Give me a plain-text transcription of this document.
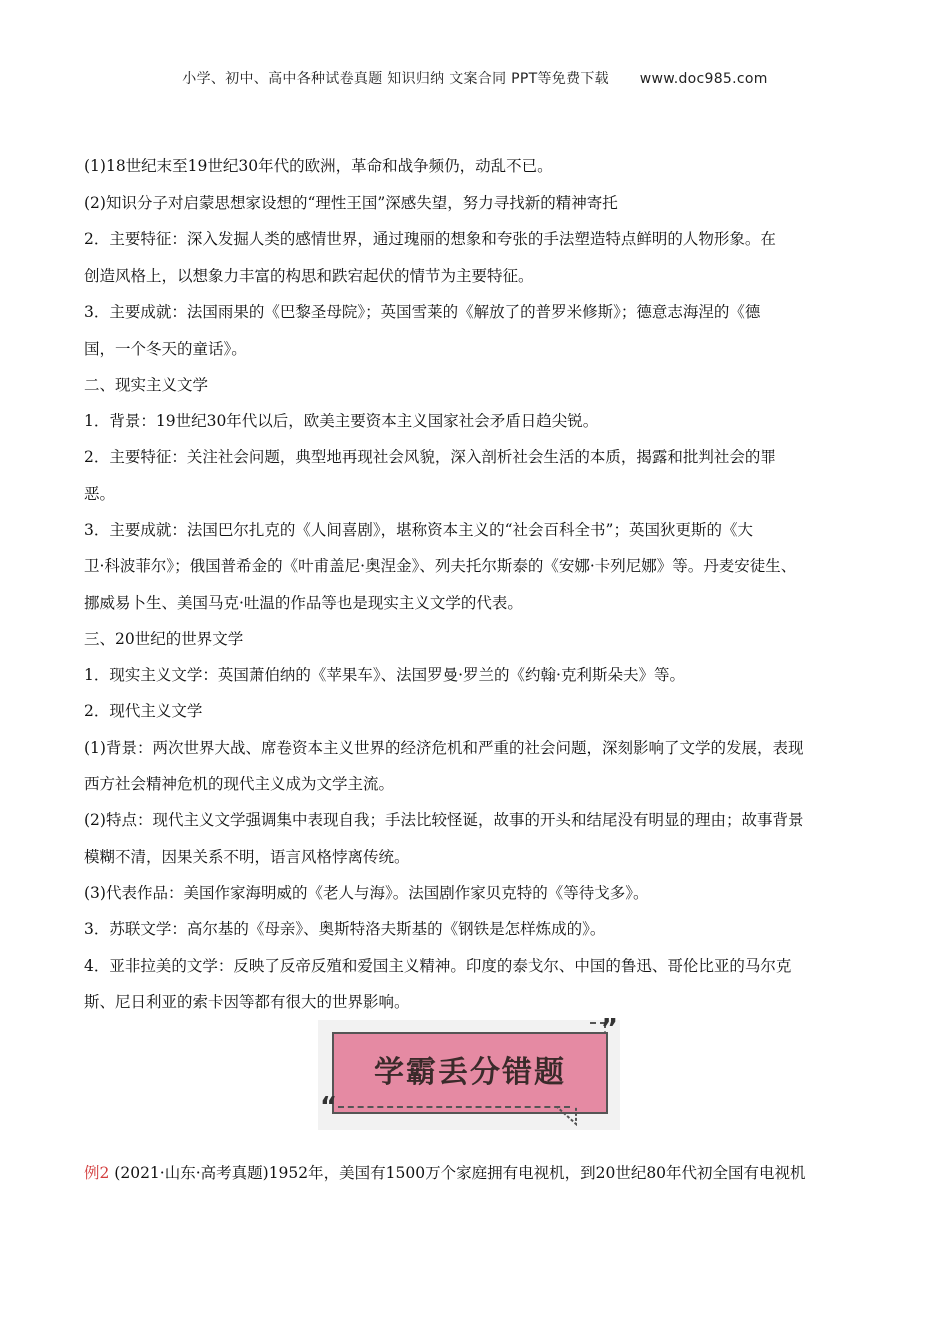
小学、初中、高中各种试卷真题 知识归纳 文案合同 PPT等免费下载 www.doc985.com
(1)18世纪末至19世纪30年代的欧洲，革命和战争频仍，动乱不已。
(2)知识分子对启蒙思想家设想的“理性王国”深感失望，努力寻找新的精神寄托
2．主要特征：深入发掘人类的感情世界，通过瑰丽的想象和夸张的手法塑造特点鲜明的人物形象。在
创造风格上，以想象力丰富的构思和跌宕起伏的情节为主要特征。
3．主要成就：法国雨果的《巴黎圣母院》；英国雪莱的《解放了的普罗米修斯》；德意志海涅的《德
国，一个冬天的童话》。
二、现实主义文学
1．背景：19世纪30年代以后，欧美主要资本主义国家社会矛盾日趋尖锐。
2．主要特征：关注社会问题，典型地再现社会风貌，深入剖析社会生活的本质，揭露和批判社会的罪
恶。
3．主要成就：法国巴尔扎克的《人间喜剧》，堪称资本主义的“社会百科全书”；英国狄更斯的《大
卫·科波菲尔》；俄国普希金的《叶甫盖尼·奥涅金》、列夫托尔斯泰的《安娜·卡列尼娜》等。丹麦安徒生、
挪威易卜生、美国马克·吐温的作品等也是现实主义文学的代表。
三、20世纪的世界文学
1．现实主义文学：英国萧伯纳的《苹果车》、法国罗曼·罗兰的《约翰·克利斯朵夫》等。
2．现代主义文学
(1)背景：两次世界大战、席卷资本主义世界的经济危机和严重的社会问题，深刻影响了文学的发展，表现
西方社会精神危机的现代主义成为文学主流。
(2)特点：现代主义文学强调集中表现自我；手法比较怪诞，故事的开头和结尾没有明显的理由；故事背景
模糊不清，因果关系不明，语言风格悖离传统。
(3)代表作品：美国作家海明威的《老人与海》。法国剧作家贝克特的《等待戈多》。
3．苏联文学：高尔基的《母亲》、奥斯特洛夫斯基的《钢铁是怎样炼成的》。
4．亚非拉美的文学：反映了反帝反殖和爱国主义精神。印度的泰戈尔、中国的鲁迅、哥伦比亚的马尔克
斯、尼日利亚的索卡因等都有很大的世界影响。
学霸丢分错题
“
”
例2 (2021·山东·高考真题)1952年，美国有1500万个家庭拥有电视机，到20世纪80年代初全国有电视机
